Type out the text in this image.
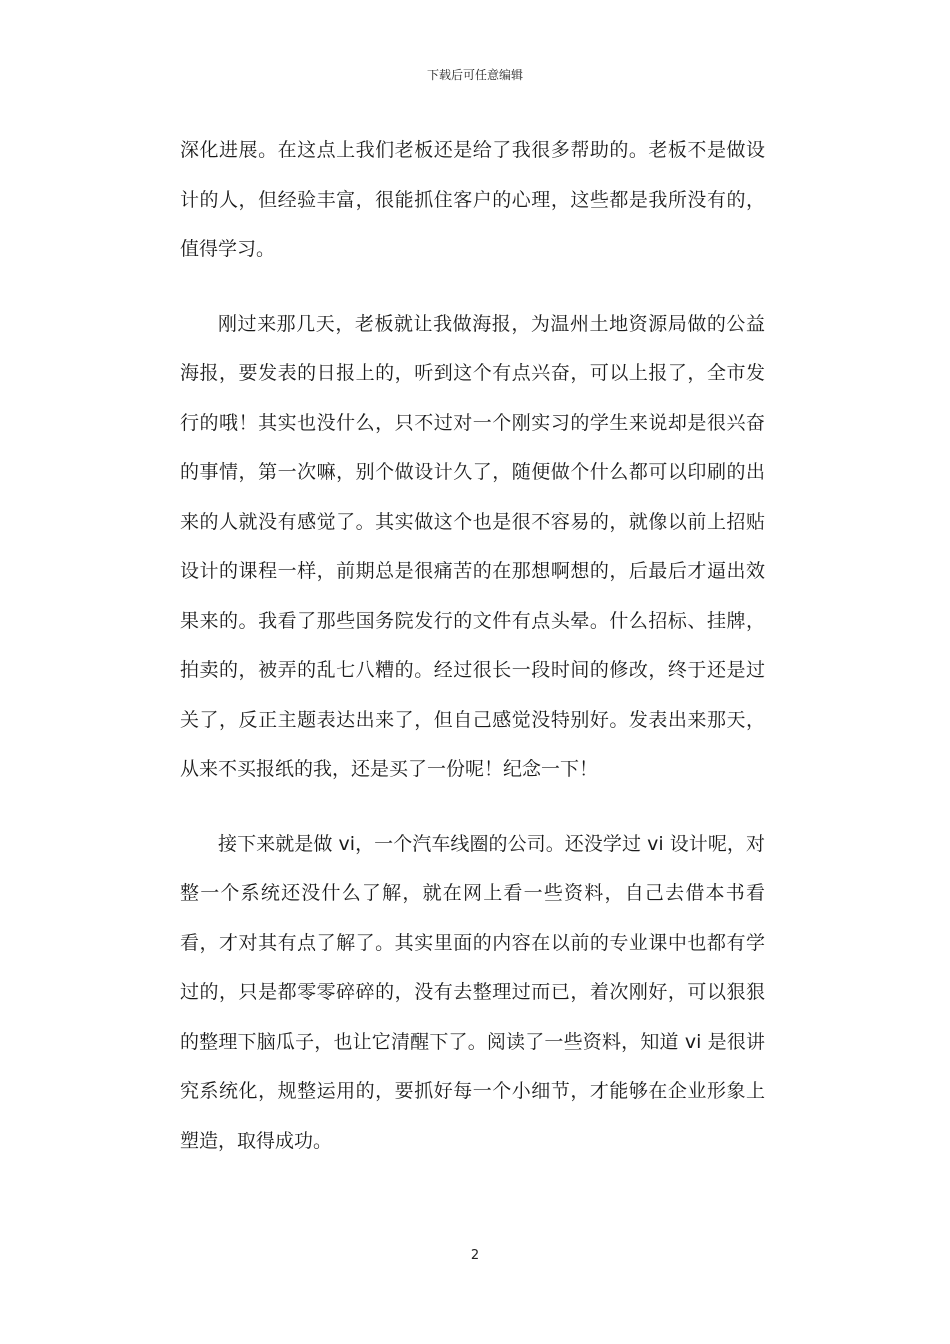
下载后可任意编辑

深化进展。在这点上我们老板还是给了我很多帮助的。老板不是做设计的人，但经验丰富，很能抓住客户的心理，这些都是我所没有的，值得学习。

刚过来那几天，老板就让我做海报，为温州土地资源局做的公益海报，要发表的日报上的，听到这个有点兴奋，可以上报了，全市发行的哦！其实也没什么，只不过对一个刚实习的学生来说却是很兴奋的事情，第一次嘛，别个做设计久了，随便做个什么都可以印刷的出来的人就没有感觉了。其实做这个也是很不容易的，就像以前上招贴设计的课程一样，前期总是很痛苦的在那想啊想的，后最后才逼出效果来的。我看了那些国务院发行的文件有点头晕。什么招标、挂牌，拍卖的，被弄的乱七八糟的。经过很长一段时间的修改，终于还是过关了，反正主题表达出来了，但自己感觉没特别好。发表出来那天，从来不买报纸的我，还是买了一份呢！纪念一下！

接下来就是做 vi，一个汽车线圈的公司。还没学过 vi 设计呢，对整一个系统还没什么了解，就在网上看一些资料，自己去借本书看看，才对其有点了解了。其实里面的内容在以前的专业课中也都有学过的，只是都零零碎碎的，没有去整理过而已，着次刚好，可以狠狠的整理下脑瓜子，也让它清醒下了。阅读了一些资料，知道 vi 是很讲究系统化，规整运用的，要抓好每一个小细节，才能够在企业形象上塑造，取得成功。

2
